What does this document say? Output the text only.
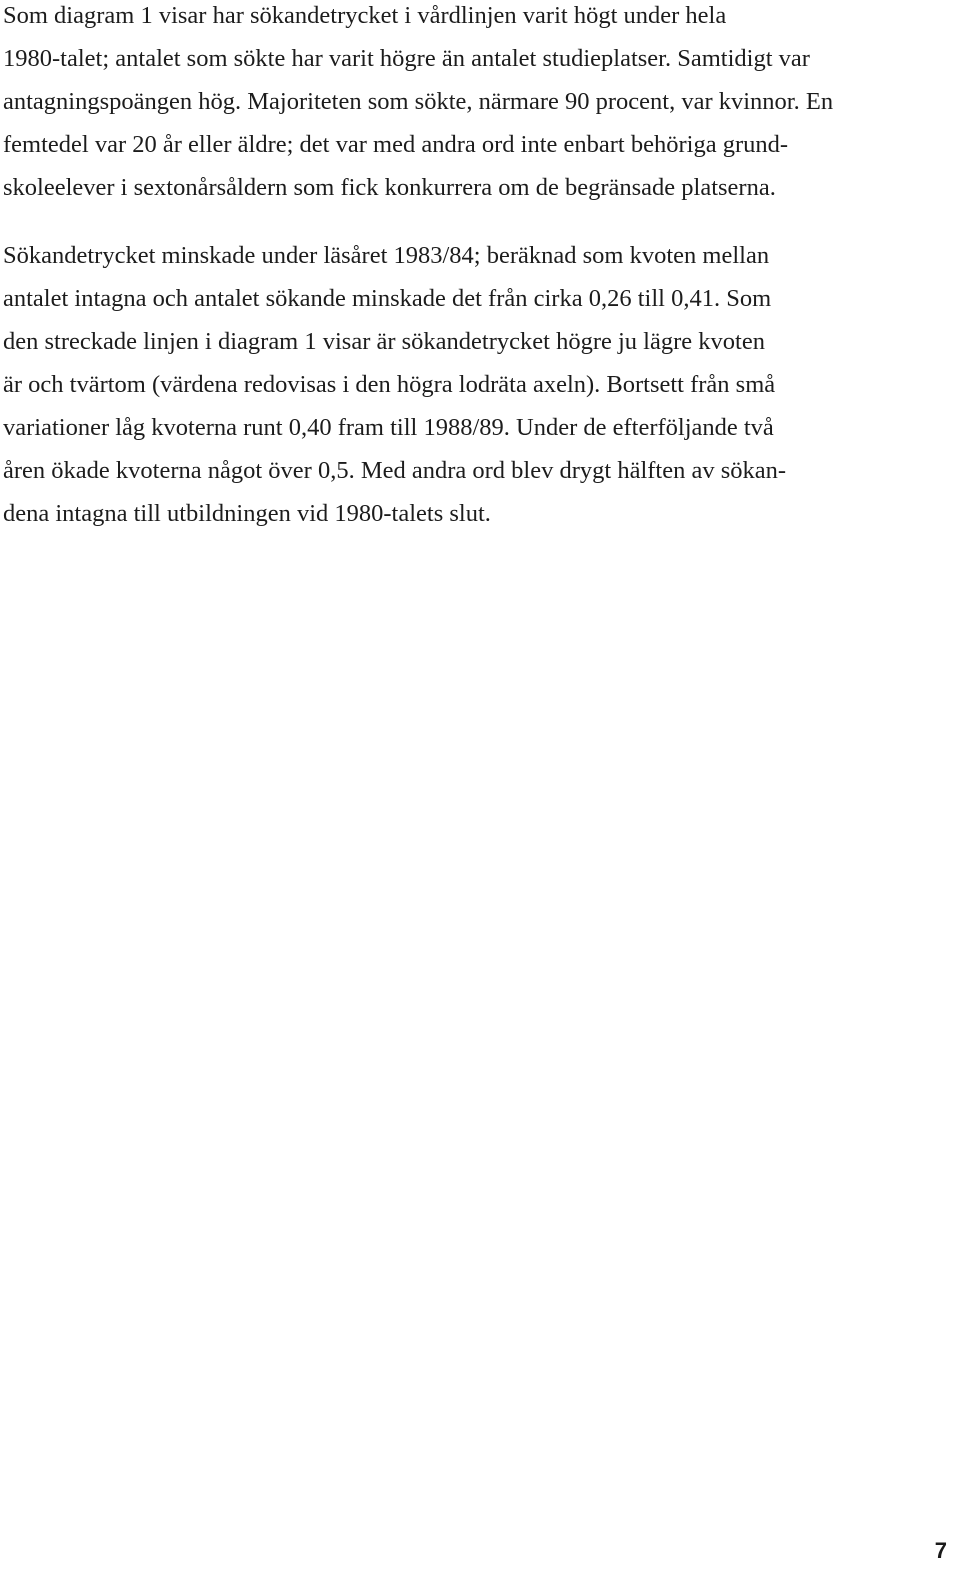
Som diagram 1 visar har sökandetrycket i vårdlinjen varit högt under hela
1980-talet; antalet som sökte har varit högre än antalet studieplatser. Samtidigt var
antagningspoängen hög. Majoriteten som sökte, närmare 90 procent, var kvinnor. En
femtedel var 20 år eller äldre; det var med andra ord inte enbart behöriga grund-
skoleelever i sextonårsåldern som fick konkurrera om de begränsade platserna.

Sökandetrycket minskade under läsåret 1983/84; beräknad som kvoten mellan
antalet intagna och antalet sökande minskade det från cirka 0,26 till 0,41. Som
den streckade linjen i diagram 1 visar är sökandetrycket högre ju lägre kvoten
är och tvärtom (värdena redovisas i den högra lodräta axeln). Bortsett från små
variationer låg kvoterna runt 0,40 fram till 1988/89. Under de efterföljande två
åren ökade kvoterna något över 0,5. Med andra ord blev drygt hälften av sökan-
dena intagna till utbildningen vid 1980-talets slut.

7
